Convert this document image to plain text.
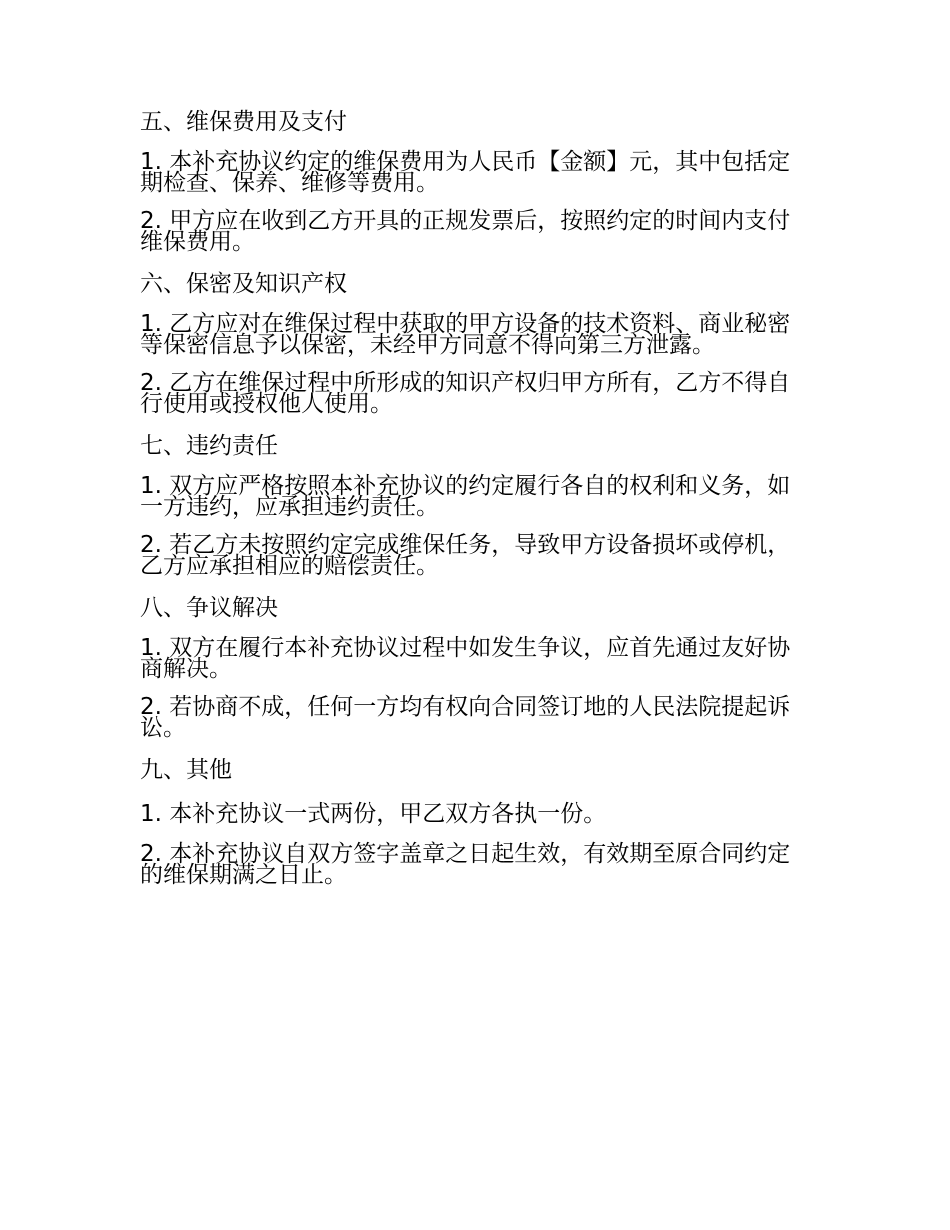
五、维保费用及支付
1. 本补充协议约定的维保费用为人民币【金额】元，其中包括定期检查、保养、维修等费用。
2. 甲方应在收到乙方开具的正规发票后，按照约定的时间内支付维保费用。
六、保密及知识产权
1. 乙方应对在维保过程中获取的甲方设备的技术资料、商业秘密等保密信息予以保密，未经甲方同意不得向第三方泄露。
2. 乙方在维保过程中所形成的知识产权归甲方所有，乙方不得自行使用或授权他人使用。
七、违约责任
1. 双方应严格按照本补充协议的约定履行各自的权利和义务，如一方违约，应承担违约责任。
2. 若乙方未按照约定完成维保任务，导致甲方设备损坏或停机，乙方应承担相应的赔偿责任。
八、争议解决
1. 双方在履行本补充协议过程中如发生争议，应首先通过友好协商解决。
2. 若协商不成，任何一方均有权向合同签订地的人民法院提起诉讼。
九、其他
1. 本补充协议一式两份，甲乙双方各执一份。
2. 本补充协议自双方签字盖章之日起生效，有效期至原合同约定的维保期满之日止。
